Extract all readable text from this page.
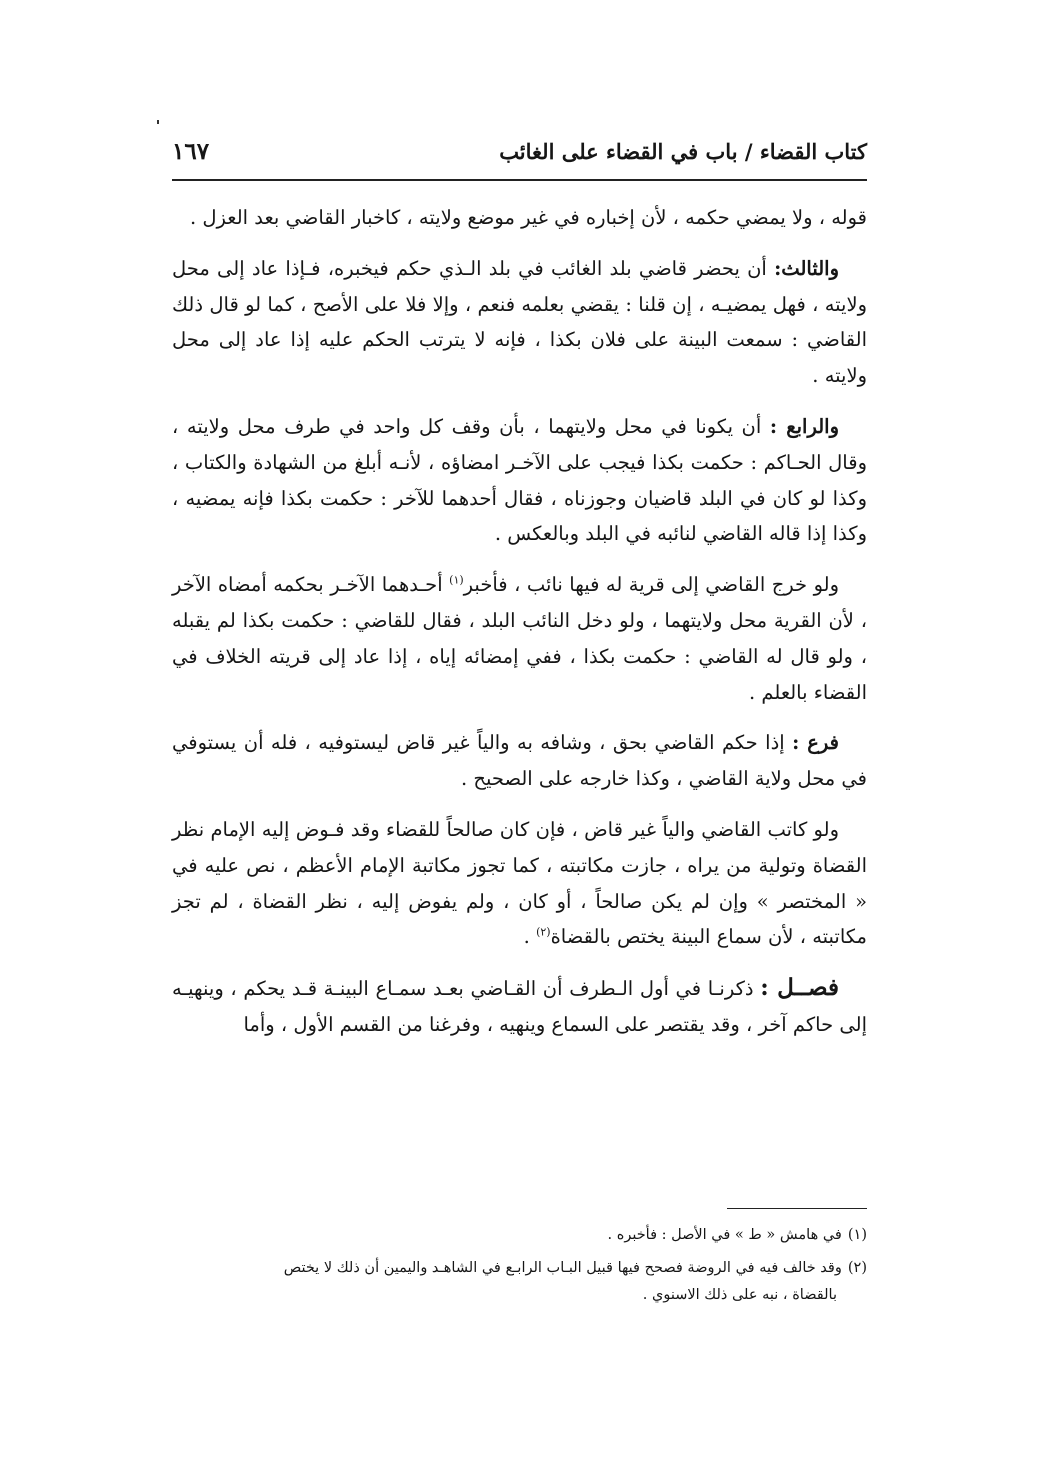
كتاب القضاء / باب في القضاء على الغائب
١٦٧

قوله ، ولا يمضي حكمه ، لأن إخباره في غير موضع ولايته ، كاخبار القاضي بعد العزل .

والثالث: أن يحضر قاضي بلد الغائب في بلد الـذي حكم فيخبره، فـإذا عاد إلى محل ولايته ، فهل يمضيـه ، إن قلنا : يقضي بعلمه فنعم ، وإلا فلا على الأصح ، كما لو قال ذلك القاضي : سمعت البينة على فلان بكذا ، فإنه لا يترتب الحكم عليه إذا عاد إلى محل ولايته .

والرابع : أن يكونا في محل ولايتهما ، بأن وقف كل واحد في طرف محل ولايته ، وقال الحـاكم : حكمت بكذا فيجب على الآخـر امضاؤه ، لأنـه أبلغ من الشهادة والكتاب ، وكذا لو كان في البلد قاضيان وجوزناه ، فقال أحدهما للآخر : حكمت بكذا فإنه يمضيه ، وكذا إذا قاله القاضي لنائبه في البلد وبالعكس .

ولو خرج القاضي إلى قرية له فيها نائب ، فأخبر$^{(١)}$ أحـدهما الآخـر بحكمه أمضاه الآخر ، لأن القرية محل ولايتهما ، ولو دخل النائب البلد ، فقال للقاضي : حكمت بكذا لم يقبله ، ولو قال له القاضي : حكمت بكذا ، ففي إمضائه إياه ، إذا عاد إلى قريته الخلاف في القضاء بالعلم .

فرع : إذا حكم القاضي بحق ، وشافه به والياً غير قاض ليستوفيه ، فله أن يستوفي في محل ولاية القاضي ، وكذا خارجه على الصحيح .

ولو كاتب القاضي والياً غير قاض ، فإن كان صالحاً للقضاء وقد فـوض إليه الإمام نظر القضاة وتولية من يراه ، جازت مكاتبته ، كما تجوز مكاتبة الإمام الأعظم ، نص عليه في « المختصر » وإن لم يكن صالحاً ، أو كان ، ولم يفوض إليه ، نظر القضاة ، لم تجز مكاتبته ، لأن سماع البينة يختص بالقضاة$^{(٢)}$ .

فصــل : ذكرنـا في أول الـطرف أن القـاضي بعـد سمـاع البينـة قـد يحكم ، وينهيـه إلى حاكم آخر ، وقد يقتصر على السماع وينهيه ، وفرغنا من القسم الأول ، وأما

(١)في هامش « ط » في الأصل : فأخبره .

(٢)وقد خالف فيه في الروضة فصحح فيها قبيل البـاب الرابـع في الشاهـد واليمين أن ذلك لا يختص
بالقضاة ، نبه على ذلك الاسنوي .
